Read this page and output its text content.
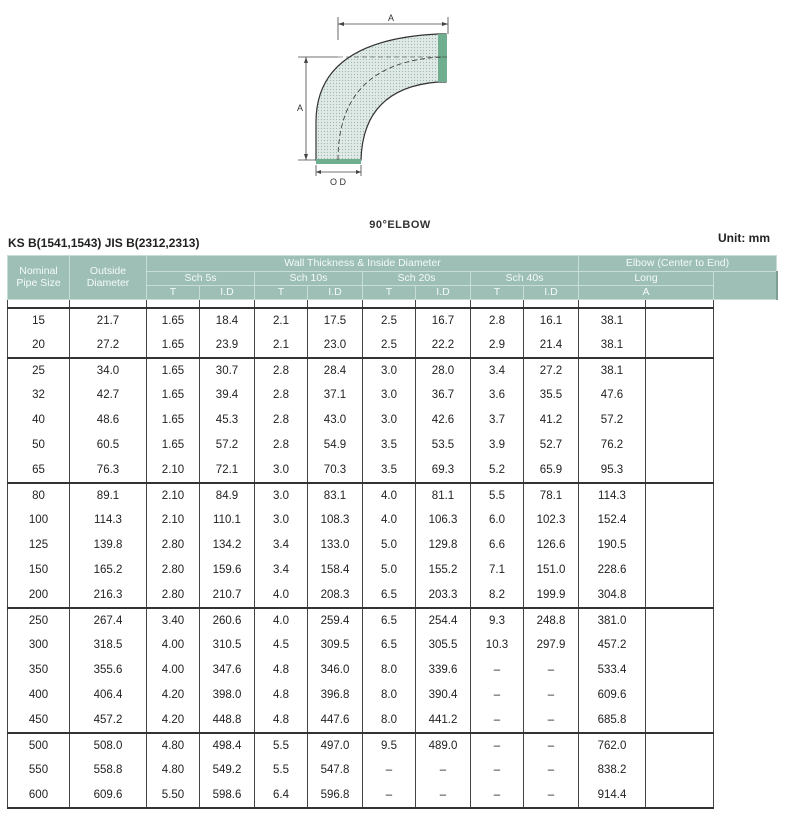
A
A
O D
90°ELBOW
KS B(1541,1543) JIS B(2312,2313)	Unit: mm
Nominal Pipe Size	Outside Diameter	Wall Thickness & Inside Diameter								Elbow (Center to End)		
		Sch 5s		Sch 10s		Sch 20s		Sch 40s		Long		
		T	I.D	T	I.D	T	I.D	T	I.D	A		

15	21.7	1.65	18.4	2.1	17.5	2.5	16.7	2.8	16.1	38.1		
20	27.2	1.65	23.9	2.1	23.0	2.5	22.2	2.9	21.4	38.1		
25	34.0	1.65	30.7	2.8	28.4	3.0	28.0	3.4	27.2	38.1		
32	42.7	1.65	39.4	2.8	37.1	3.0	36.7	3.6	35.5	47.6		
40	48.6	1.65	45.3	2.8	43.0	3.0	42.6	3.7	41.2	57.2		
50	60.5	1.65	57.2	2.8	54.9	3.5	53.5	3.9	52.7	76.2		
65	76.3	2.10	72.1	3.0	70.3	3.5	69.3	5.2	65.9	95.3		
80	89.1	2.10	84.9	3.0	83.1	4.0	81.1	5.5	78.1	114.3		
100	114.3	2.10	110.1	3.0	108.3	4.0	106.3	6.0	102.3	152.4		
125	139.8	2.80	134.2	3.4	133.0	5.0	129.8	6.6	126.6	190.5		
150	165.2	2.80	159.6	3.4	158.4	5.0	155.2	7.1	151.0	228.6		
200	216.3	2.80	210.7	4.0	208.3	6.5	203.3	8.2	199.9	304.8		
250	267.4	3.40	260.6	4.0	259.4	6.5	254.4	9.3	248.8	381.0		
300	318.5	4.00	310.5	4.5	309.5	6.5	305.5	10.3	297.9	457.2		
350	355.6	4.00	347.6	4.8	346.0	8.0	339.6	–	–	533.4		
400	406.4	4.20	398.0	4.8	396.8	8.0	390.4	–	–	609.6		
450	457.2	4.20	448.8	4.8	447.6	8.0	441.2	–	–	685.8		
500	508.0	4.80	498.4	5.5	497.0	9.5	489.0	–	–	762.0		
550	558.8	4.80	549.2	5.5	547.8	–	–	–	–	838.2		
600	609.6	5.50	598.6	6.4	596.8	–	–	–	–	914.4		
